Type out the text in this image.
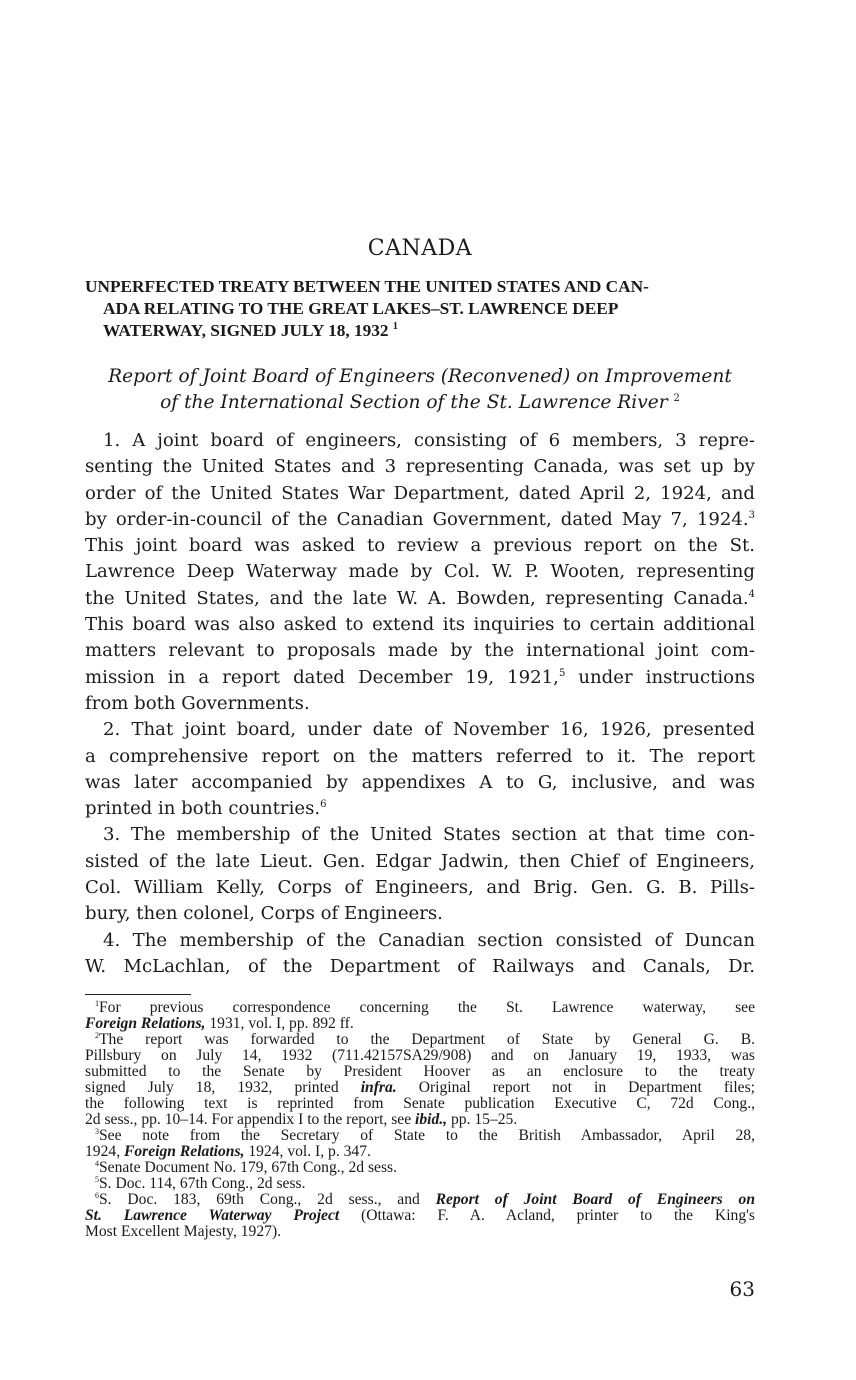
CANADA
UNPERFECTED TREATY BETWEEN THE UNITED STATES AND CAN-
ADA RELATING TO THE GREAT LAKES–ST. LAWRENCE DEEP
WATERWAY, SIGNED JULY 18, 1932 $^1$
Report of Joint Board of Engineers (Reconvened) on Improvement
of the International Section of the St. Lawrence River $^2$
1. A joint board of engineers, consisting of 6 members, 3 repre-
senting the United States and 3 representing Canada, was set up by
order of the United States War Department, dated April 2, 1924, and
by order-in-council of the Canadian Government, dated May 7, 1924.$^3$
This joint board was asked to review a previous report on the St.
Lawrence Deep Waterway made by Col. W. P. Wooten, representing
the United States, and the late W. A. Bowden, representing Canada.$^4$
This board was also asked to extend its inquiries to certain additional
matters relevant to proposals made by the international joint com-
mission in a report dated December 19, 1921,$^5$ under instructions
from both Governments.
2. That joint board, under date of November 16, 1926, presented
a comprehensive report on the matters referred to it. The report
was later accompanied by appendixes A to G, inclusive, and was
printed in both countries.$^6$
3. The membership of the United States section at that time con-
sisted of the late Lieut. Gen. Edgar Jadwin, then Chief of Engineers,
Col. William Kelly, Corps of Engineers, and Brig. Gen. G. B. Pills-
bury, then colonel, Corps of Engineers.
4. The membership of the Canadian section consisted of Duncan
W. McLachlan, of the Department of Railways and Canals, Dr.
$^1$For previous correspondence concerning the St. Lawrence waterway, see
Foreign Relations, 1931, vol. I, pp. 892 ff.
$^2$The report was forwarded to the Department of State by General G. B.
Pillsbury on July 14, 1932 (711.42157SA29/908) and on January 19, 1933, was
submitted to the Senate by President Hoover as an enclosure to the treaty
signed July 18, 1932, printed infra. Original report not in Department files;
the following text is reprinted from Senate publication Executive C, 72d Cong.,
2d sess., pp. 10–14. For appendix I to the report, see ibid., pp. 15–25.
$^3$See note from the Secretary of State to the British Ambassador, April 28,
1924, Foreign Relations, 1924, vol. I, p. 347.
$^4$Senate Document No. 179, 67th Cong., 2d sess.
$^5$S. Doc. 114, 67th Cong., 2d sess.
$^6$S. Doc. 183, 69th Cong., 2d sess., and Report of Joint Board of Engineers on
St. Lawrence Waterway Project (Ottawa: F. A. Acland, printer to the King's
Most Excellent Majesty, 1927).
63
